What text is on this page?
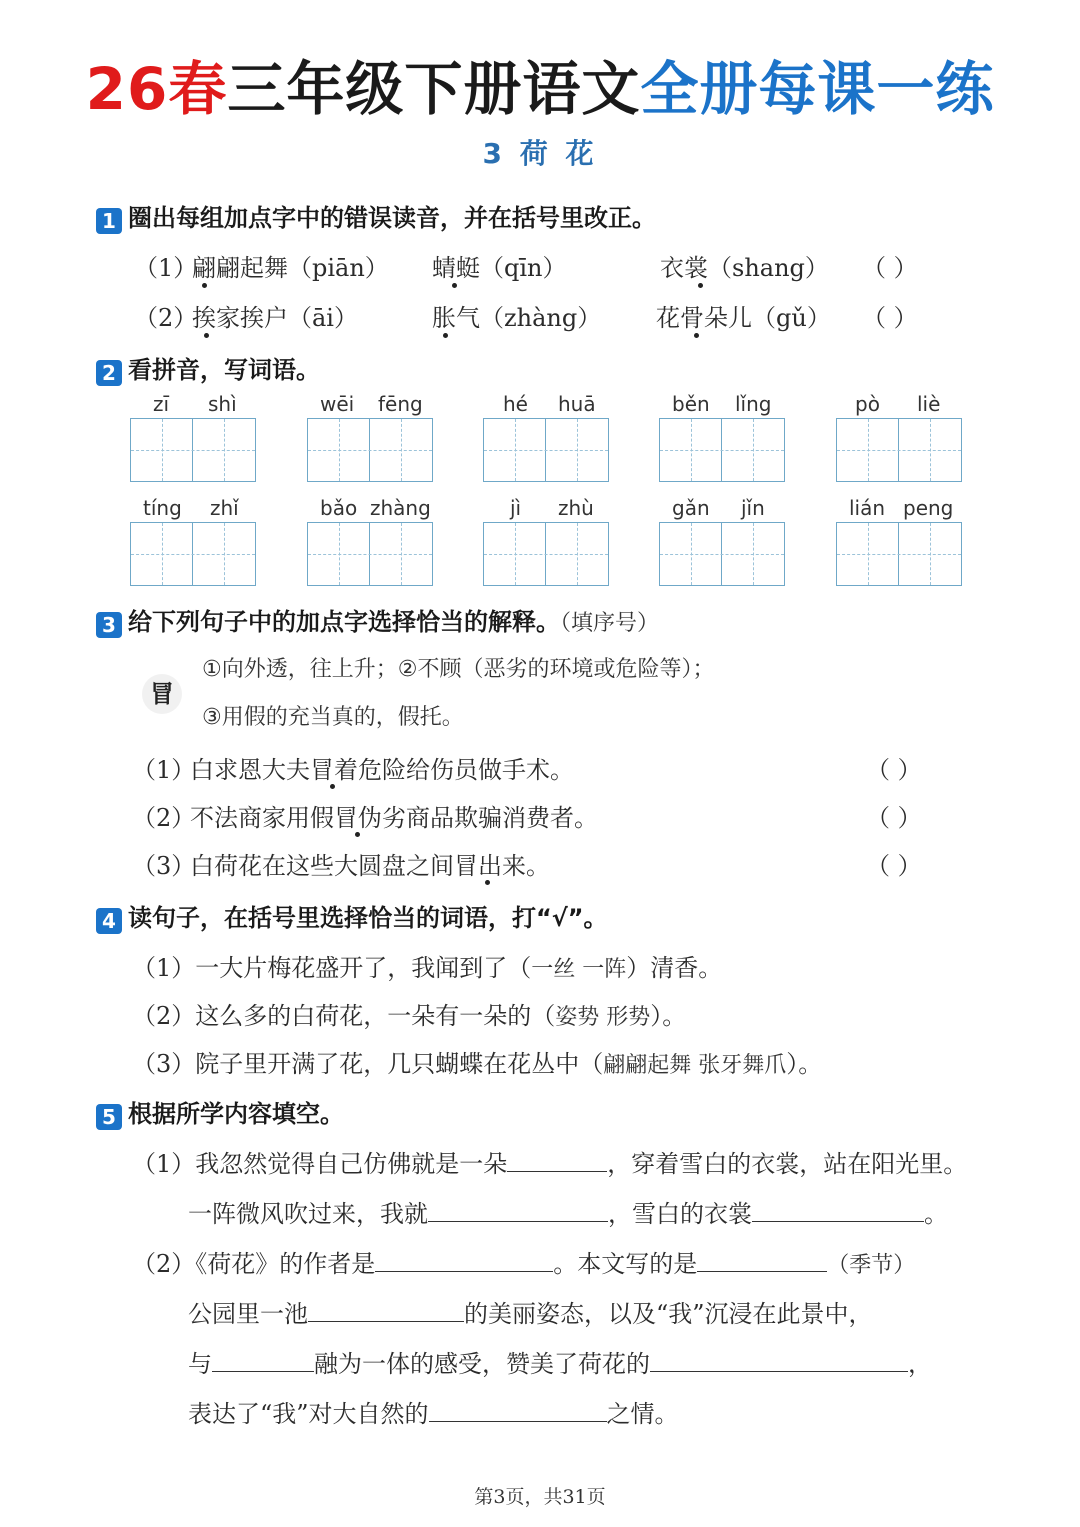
26春三年级下册语文全册每课一练
3 荷 花
1 圈出每组加点字中的错误读音，并在括号里改正。
（1）
翩翩起舞（piān） 蜻蜓（qīn）	衣裳（shang） （ ）
（2）
挨家挨户（āi）	胀气（zhàng） 花骨朵儿（gǔ） （ ）
2 看拼音，写词语。
zī shì	wēi fēng	hé huā	běn lǐng	pò liè
tíng zhǐ	bǎo zhàng	jì zhù	gǎn jǐn	lián peng
3 给下列句子中的加点字选择恰当的解释。（填序号）
冒
①向外透，往上升；②不顾（恶劣的环境或危险等）；
③用假的充当真的，假托。
（1）
白求恩大夫冒着危险给伤员做手术。	（ ）
（2）
不法商家用假冒伪劣商品欺骗消费者。	（ ）
（3）
白荷花在这些大圆盘之间冒出来。	（ ）
4 读句子，在括号里选择恰当的词语，打“√”。
（1）一大片梅花盛开了，我闻到了（一丝 一阵）清香。
（2）这么多的白荷花，一朵有一朵的（姿势 形势）。
（3）院子里开满了花，几只蝴蝶在花丛中（翩翩起舞 张牙舞爪）。
5 根据所学内容填空。
（1）我忽然觉得自己仿佛就是一朵	，穿着雪白的衣裳，站在阳光里。
一阵微风吹过来，我就	，雪白的衣裳	。
（2）《荷花》的作者是	。本文写的是	（季节）
公园里一池	的美丽姿态，以及“我”沉浸在此景中，
与	融为一体的感受，赞美了荷花的	，
表达了“我”对大自然的	之情。
第3页，共31页
